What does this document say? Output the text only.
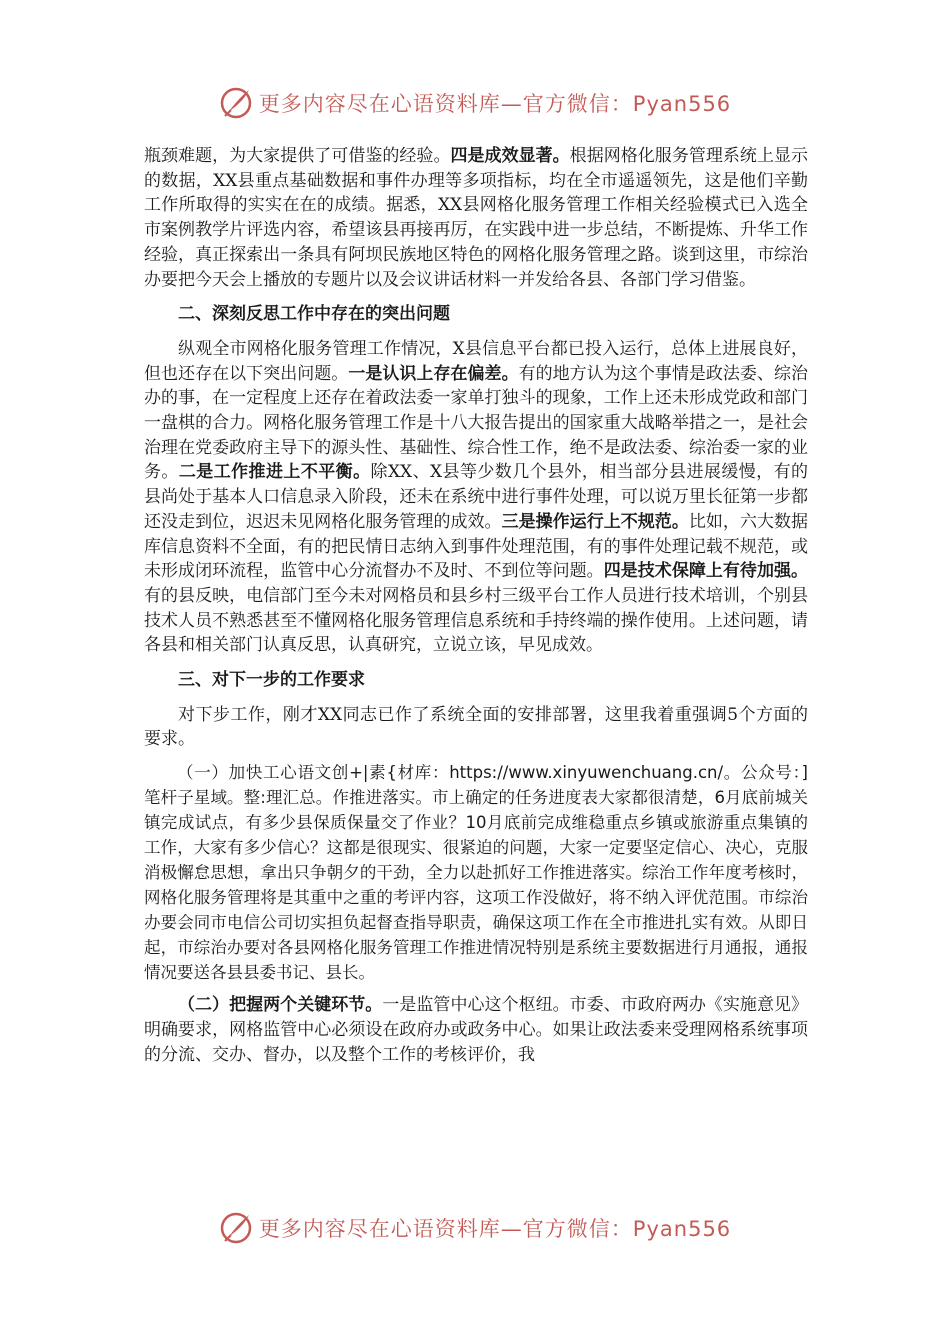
更多内容尽在心语资料库—官方微信：Pyan556

瓶颈难题，为大家提供了可借鉴的经验。四是成效显著。根据网格化服务管理系统上显示的数据，XX县重点基础数据和事件办理等多项指标，均在全市遥遥领先，这是他们辛勤工作所取得的实实在在的成绩。据悉，XX县网格化服务管理工作相关经验模式已入选全市案例教学片评选内容，希望该县再接再厉，在实践中进一步总结，不断提炼、升华工作经验，真正探索出一条具有阿坝民族地区特色的网格化服务管理之路。谈到这里，市综治办要把今天会上播放的专题片以及会议讲话材料一并发给各县、各部门学习借鉴。

二、深刻反思工作中存在的突出问题

纵观全市网格化服务管理工作情况，X县信息平台都已投入运行，总体上进展良好，但也还存在以下突出问题。一是认识上存在偏差。有的地方认为这个事情是政法委、综治办的事，在一定程度上还存在着政法委一家单打独斗的现象，工作上还未形成党政和部门一盘棋的合力。网格化服务管理工作是十八大报告提出的国家重大战略举措之一，是社会治理在党委政府主导下的源头性、基础性、综合性工作，绝不是政法委、综治委一家的业务。二是工作推进上不平衡。除XX、X县等少数几个县外，相当部分县进展缓慢，有的县尚处于基本人口信息录入阶段，还未在系统中进行事件处理，可以说万里长征第一步都还没走到位，迟迟未见网格化服务管理的成效。三是操作运行上不规范。比如，六大数据库信息资料不全面，有的把民情日志纳入到事件处理范围，有的事件处理记载不规范，或未形成闭环流程，监管中心分流督办不及时、不到位等问题。四是技术保障上有待加强。有的县反映，电信部门至今未对网格员和县乡村三级平台工作人员进行技术培训，个别县技术人员不熟悉甚至不懂网格化服务管理信息系统和手持终端的操作使用。上述问题，请各县和相关部门认真反思，认真研究，立说立该，早见成效。

三、对下一步的工作要求

对下步工作，刚才XX同志已作了系统全面的安排部署，这里我着重强调5个方面的要求。

（一）加快工心语文创+|素{材库：https://www.xinyuwenchuang.cn/。公众号：]笔杆子星域。整:理汇总。作推进落实。市上确定的任务进度表大家都很清楚，6月底前城关镇完成试点，有多少县保质保量交了作业？10月底前完成维稳重点乡镇或旅游重点集镇的工作，大家有多少信心？这都是很现实、很紧迫的问题，大家一定要坚定信心、决心，克服消极懈怠思想，拿出只争朝夕的干劲，全力以赴抓好工作推进落实。综治工作年度考核时，网格化服务管理将是其重中之重的考评内容，这项工作没做好，将不纳入评优范围。市综治办要会同市电信公司切实担负起督查指导职责，确保这项工作在全市推进扎实有效。从即日起，市综治办要对各县网格化服务管理工作推进情况特别是系统主要数据进行月通报，通报情况要送各县县委书记、县长。

（二）把握两个关键环节。一是监管中心这个枢纽。市委、市政府两办《实施意见》明确要求，网格监管中心必须设在政府办或政务中心。如果让政法委来受理网格系统事项的分流、交办、督办，以及整个工作的考核评价，我

更多内容尽在心语资料库—官方微信：Pyan556
